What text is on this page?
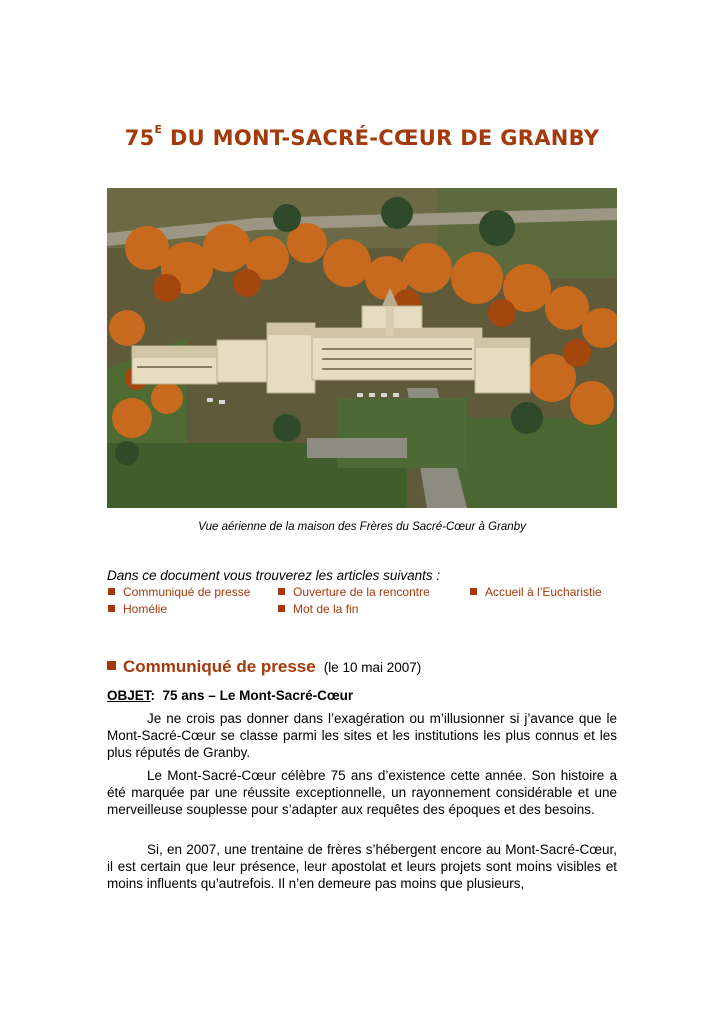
$75^E$ DU MONT-SACRÉ-CŒUR DE GRANBY
Vue aérienne de la maison des Frères du Sacré-Cœur à Granby
Dans ce document vous trouverez les articles suivants :
Communiqué de presse	Ouverture de la rencontre	Accueil à l’Eucharistie
Homélie	Mot de la fin
Communiqué de presse (le 10 mai 2007)
OBJET: 75 ans – Le Mont-Sacré-Cœur

Je ne crois pas donner dans l’exagération ou m’illusionner si j’avance que le Mont-Sacré-Cœur se classe parmi les sites et les institutions les plus connus et les plus réputés de Granby.

Le Mont-Sacré-Cœur célèbre 75 ans d’existence cette année. Son histoire a été marquée par une réussite exceptionnelle, un rayonnement considérable et une merveilleuse souplesse pour s’adapter aux requêtes des époques et des besoins.

Si, en 2007, une trentaine de frères s’hébergent encore au Mont-Sacré-Cœur, il est certain que leur présence, leur apostolat et leurs projets sont moins visibles et moins influents qu’autrefois. Il n’en demeure pas moins que plusieurs,
